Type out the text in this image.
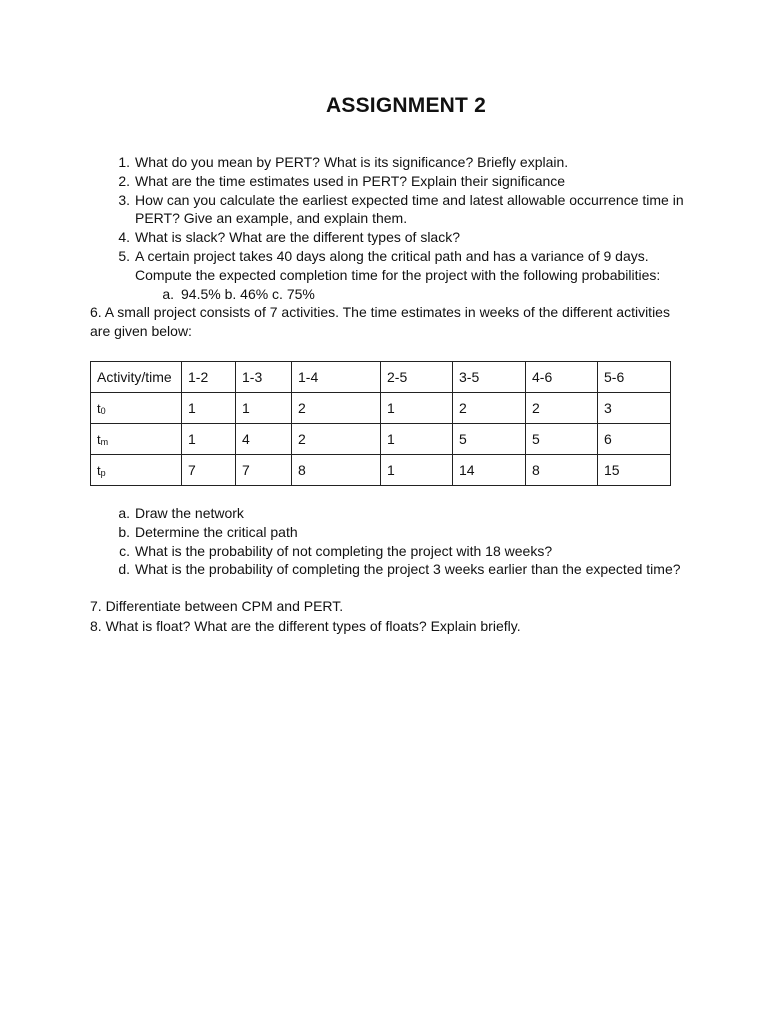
ASSIGNMENT 2
1. What do you mean by PERT? What is its significance? Briefly explain.
2. What are the time estimates used in PERT? Explain their significance
3. How can you calculate the earliest expected time and latest allowable occurrence time in
PERT? Give an example, and explain them.
4. What is slack? What are the different types of slack?
5. A certain project takes 40 days along the critical path and has a variance of 9 days.
Compute the expected completion time for the project with the following probabilities:
a. 94.5% b. 46% c. 75%
6. A small project consists of 7 activities. The time estimates in weeks of the different activities
are given below:
Activity/time	1-2	1-3	1-4	2-5	3-5	4-6	5-6
t0	1	1	2	1	2	2	3
tm	1	4	2	1	5	5	6
tp	7	7	8	1	14	8	15
a. Draw the network
b. Determine the critical path
c. What is the probability of not completing the project with 18 weeks?
d. What is the probability of completing the project 3 weeks earlier than the expected time?
7. Differentiate between CPM and PERT.
8. What is float? What are the different types of floats? Explain briefly.
